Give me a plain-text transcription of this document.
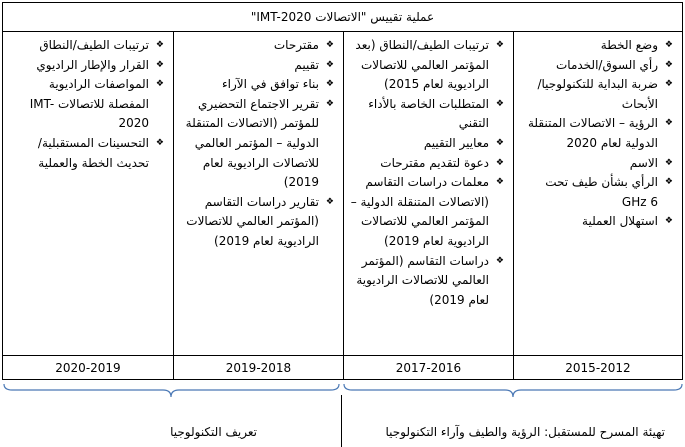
عملية تقييس "الاتصالات IMT-2020"
❖
وضع الخطة
❖
رأي السوق/الخدمات
❖
ضربة البداية للتكنولوجيا/الأبحاث
❖
الرؤية – الاتصالات المتنقلة الدولية لعام 2020
❖
الاسم
❖
الرأي بشأن طيف تحت GHz 6
❖
استهلال العملية
❖
ترتيبات الطيف/النطاق (بعد المؤتمر العالمي للاتصالات الراديوية لعام 2015)
❖
المتطلبات الخاصة بالأداء التقني
❖
معايير التقييم
❖
دعوة لتقديم مقترحات
❖
معلمات دراسات التقاسم (الاتصالات المتنقلة الدولية – المؤتمر العالمي للاتصالات الراديوية لعام 2019)
❖
دراسات التقاسم (المؤتمر العالمي للاتصالات الراديوية لعام 2019)
❖
مقترحات
❖
تقييم
❖
بناء توافق في الآراء
❖
تقرير الاجتماع التحضيري للمؤتمر (الاتصالات المتنقلة الدولية – المؤتمر العالمي للاتصالات الراديوية لعام 2019)
❖
تقارير دراسات التقاسم (المؤتمر العالمي للاتصالات الراديوية لعام 2019)
❖
ترتيبات الطيف/النطاق
❖
القرار والإطار الراديوي
❖
المواصفات الراديوية المفصلة للاتصالات IMT-2020
❖
التحسينات المستقبلية/تحديث الخطة والعملية
2015-2012
2017-2016
2019-2018
2020-2019
تعريف التكنولوجيا	تهيئة المسرح للمستقبل: الرؤية والطيف وآراء التكنولوجيا
